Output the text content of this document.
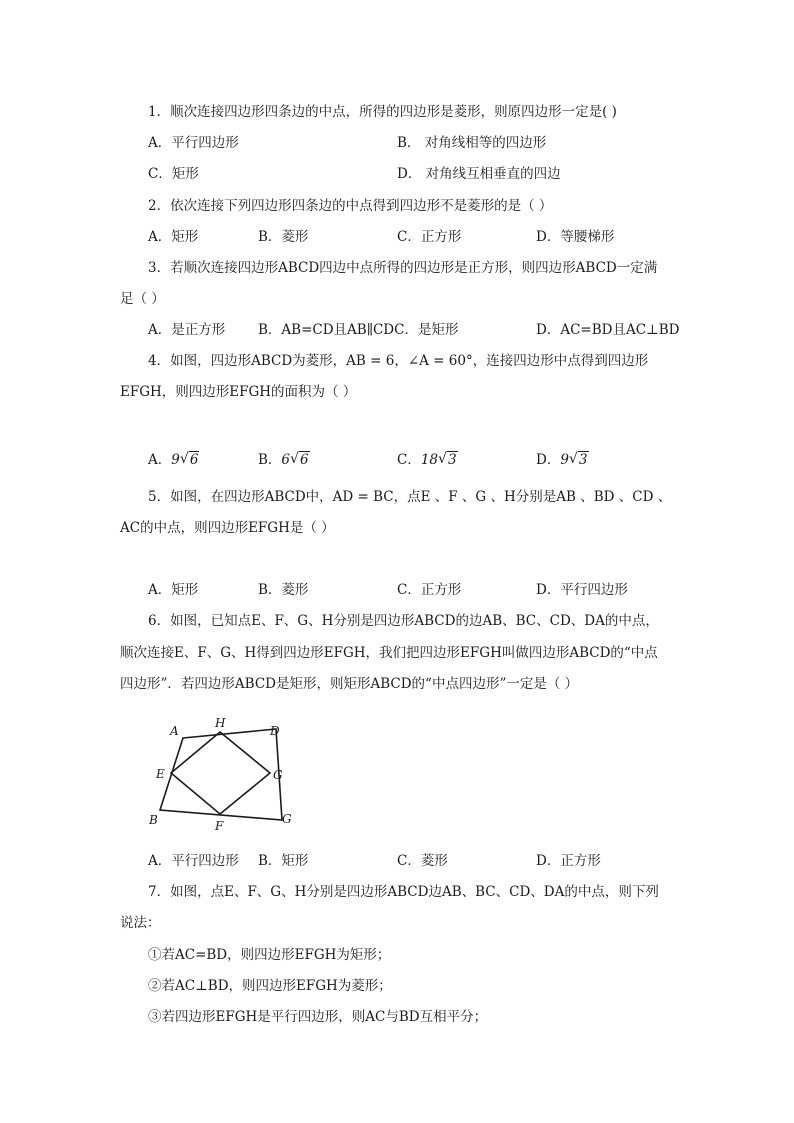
1．顺次连接四边形四条边的中点，所得的四边形是菱形，则原四边形一定是( )
A．平行四边形	B． 对角线相等的四边形
C．矩形	D． 对角线互相垂直的四边
2．依次连接下列四边形四条边的中点得到四边形不是菱形的是（ ）
A．矩形	B．菱形	C．正方形	D．等腰梯形
3．若顺次连接四边形ABCD四边中点所得的四边形是正方形，则四边形ABCD一定满
足（ ）
A．是正方形 B．AB=CD且AB∥CDC．是矩形	D．AC=BD且AC⊥BD
4．如图，四边形ABCD为菱形，AB = 6，∠A = 60°，连接四边形中点得到四边形
EFGH，则四边形EFGH的面积为（ ）
A．9 √ 6	B．6 √ 6	C．18 √ 3	D．9 √ 3
5．如图，在四边形ABCD中，AD = BC，点E 、F 、G 、H分别是AB 、BD 、CD 、
AC的中点，则四边形EFGH是（ ）
A．矩形	B．菱形	C．正方形	D．平行四边形
6．如图，已知点E、F、G、H分别是四边形ABCD的边AB、BC、CD、DA的中点，
顺次连接E、F、G、H得到四边形EFGH，我们把四边形EFGH叫做四边形ABCD的“中点
四边形”．若四边形ABCD是矩形，则矩形ABCD的“中点四边形”一定是（ ）
A
H
D
E	G
B	F	G
A．平行四边形 B．矩形	C．菱形	D．正方形
7．如图，点E、F、G、H分别是四边形ABCD边AB、BC、CD、DA的中点，则下列
说法：
①若AC=BD，则四边形EFGH为矩形；
②若AC⊥BD，则四边形EFGH为菱形；
③若四边形EFGH是平行四边形，则AC与BD互相平分；
